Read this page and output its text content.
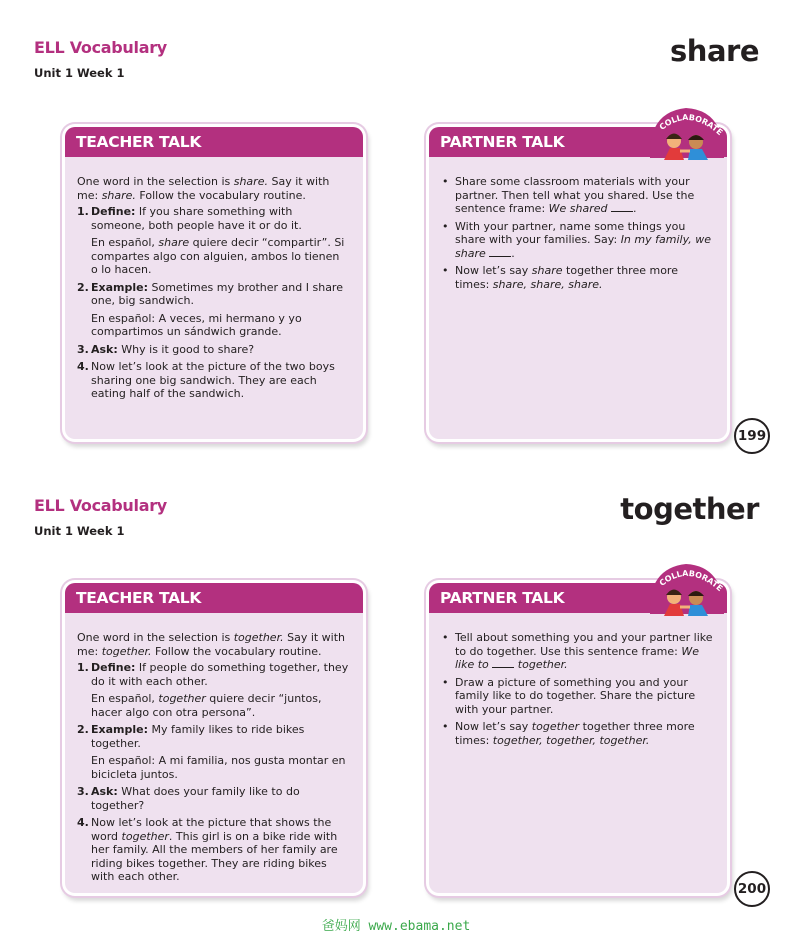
ELL Vocabulary
Unit 1 Week 1
share
TEACHER TALK

One word in the selection is share. Say it with me: share. Follow the vocabulary routine.

1. Define: If you share something with someone, both people have it or do it.

En español, share quiere decir “compartir”. Si compartes algo con alguien, ambos lo tienen o lo hacen.

2. Example: Sometimes my brother and I share one, big sandwich.

En español: A veces, mi hermano y yo compartimos un sándwich grande.

3. Ask: Why is it good to share?
4. Now let’s look at the picture of the two boys sharing one big sandwich. They are each eating half of the sandwich.
PARTNER TALK
• Share some classroom materials with your partner. Then tell what you shared. Use the sentence frame: We shared .
• With your partner, name some things you share with your families. Say: In my family, we share .
• Now let’s say share together three more times: share, share, share.
COLLABORATE
199
ELL Vocabulary
Unit 1 Week 1
together
TEACHER TALK

One word in the selection is together. Say it with me: together. Follow the vocabulary routine.

1. Define: If people do something together, they do it with each other.

En español, together quiere decir “juntos, hacer algo con otra persona”.

2. Example: My family likes to ride bikes together.

En español: A mi familia, nos gusta montar en bicicleta juntos.

3. Ask: What does your family like to do together?
4. Now let’s look at the picture that shows the word together. This girl is on a bike ride with her family. All the members of her family are riding bikes together. They are riding bikes with each other.
PARTNER TALK
• Tell about something you and your partner like to do together. Use this sentence frame: We like to	together.
• Draw a picture of something you and your family like to do together. Share the picture with your partner.
• Now let’s say together together three more times: together, together, together.
COLLABORATE
200
爸妈网 www.ebama.net
